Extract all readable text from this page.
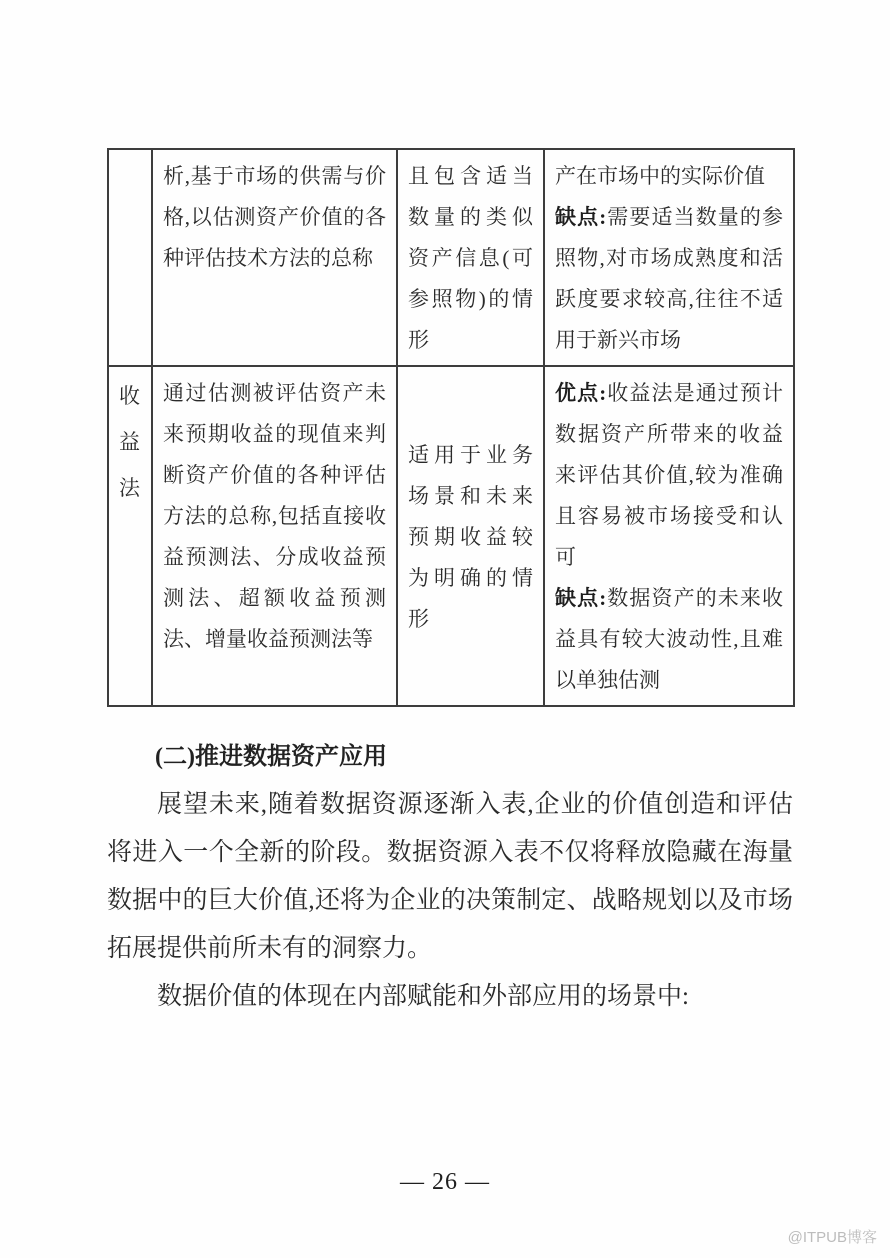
	析,基于市场的供需与价格,以估测资产价值的各种评估技术方法的总称	且包含适当数量的类似资产信息(可参照物)的情形	产在市场中的实际价值
缺点:需要适当数量的参照物,对市场成熟度和活跃度要求较高,往往不适用于新兴市场

收益法	通过估测被评估资产未来预期收益的现值来判断资产价值的各种评估方法的总称,包括直接收益预测法、分成收益预测法、超额收益预测法、增量收益预测法等	适用于业务场景和未来预期收益较为明确的情形	优点:收益法是通过预计数据资产所带来的收益来评估其价值,较为准确且容易被市场接受和认可
缺点:数据资产的未来收益具有较大波动性,且难以单独估测
(二)推进数据资产应用

展望未来,随着数据资源逐渐入表,企业的价值创造和评估将进入一个全新的阶段。数据资源入表不仅将释放隐藏在海量数据中的巨大价值,还将为企业的决策制定、战略规划以及市场拓展提供前所未有的洞察力。

数据价值的体现在内部赋能和外部应用的场景中:

— 26 —
@ITPUB博客
